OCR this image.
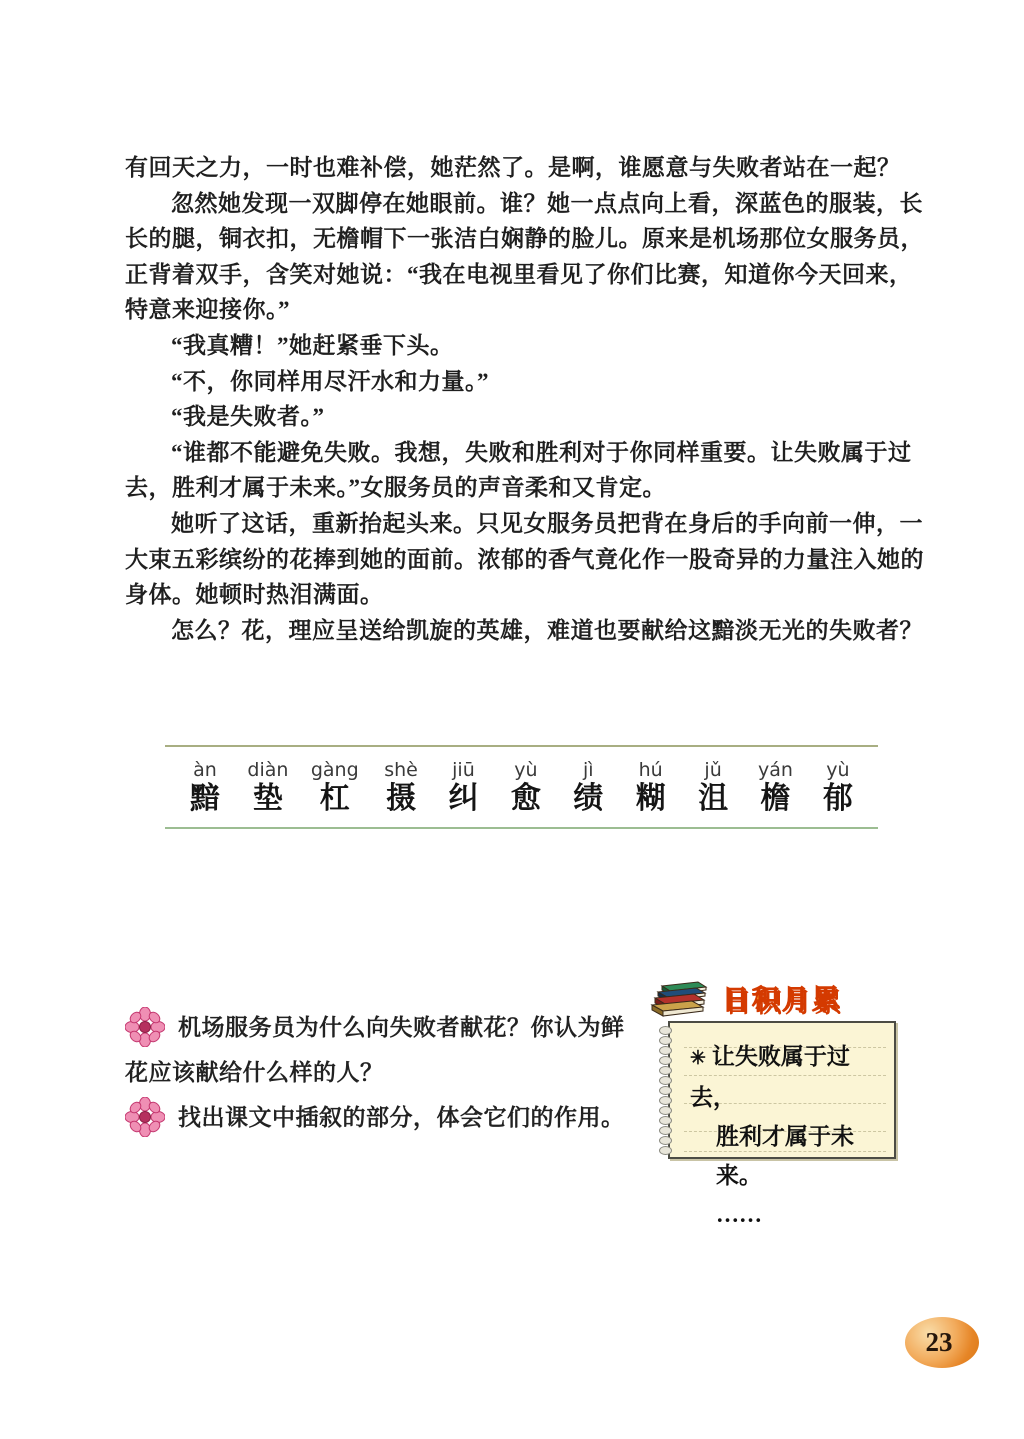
有回天之力，一时也难补偿，她茫然了。是啊，谁愿意与失败者站在一起？
忽然她发现一双脚停在她眼前。谁？她一点点向上看，深蓝色的服装，长
长的腿，铜衣扣，无檐帽下一张洁白娴静的脸儿。原来是机场那位女服务员，
正背着双手，含笑对她说：“我在电视里看见了你们比赛，知道你今天回来，
特意来迎接你。”
“我真糟！”她赶紧垂下头。
“不，你同样用尽汗水和力量。”
“我是失败者。”
“谁都不能避免失败。我想，失败和胜利对于你同样重要。让失败属于过
去，胜利才属于未来。”女服务员的声音柔和又肯定。
她听了这话，重新抬起头来。只见女服务员把背在身后的手向前一伸，一
大束五彩缤纷的花捧到她的面前。浓郁的香气竟化作一股奇异的力量注入她的
身体。她顿时热泪满面。
怎么？花，理应呈送给凯旋的英雄，难道也要献给这黯淡无光的失败者？
àn
黯
diàn
垫
gàng
杠
shè
摄
jiū
纠
yù
愈
jì
绩
hú
糊
jǔ
沮
yán
檐
yù
郁
机场服务员为什么向失败者献花？你认为鲜花应该献给什么样的人？
找出课文中插叙的部分，体会它们的作用。
日积月累
✳ 让失败属于过去，
胜利才属于未来。
……
23
